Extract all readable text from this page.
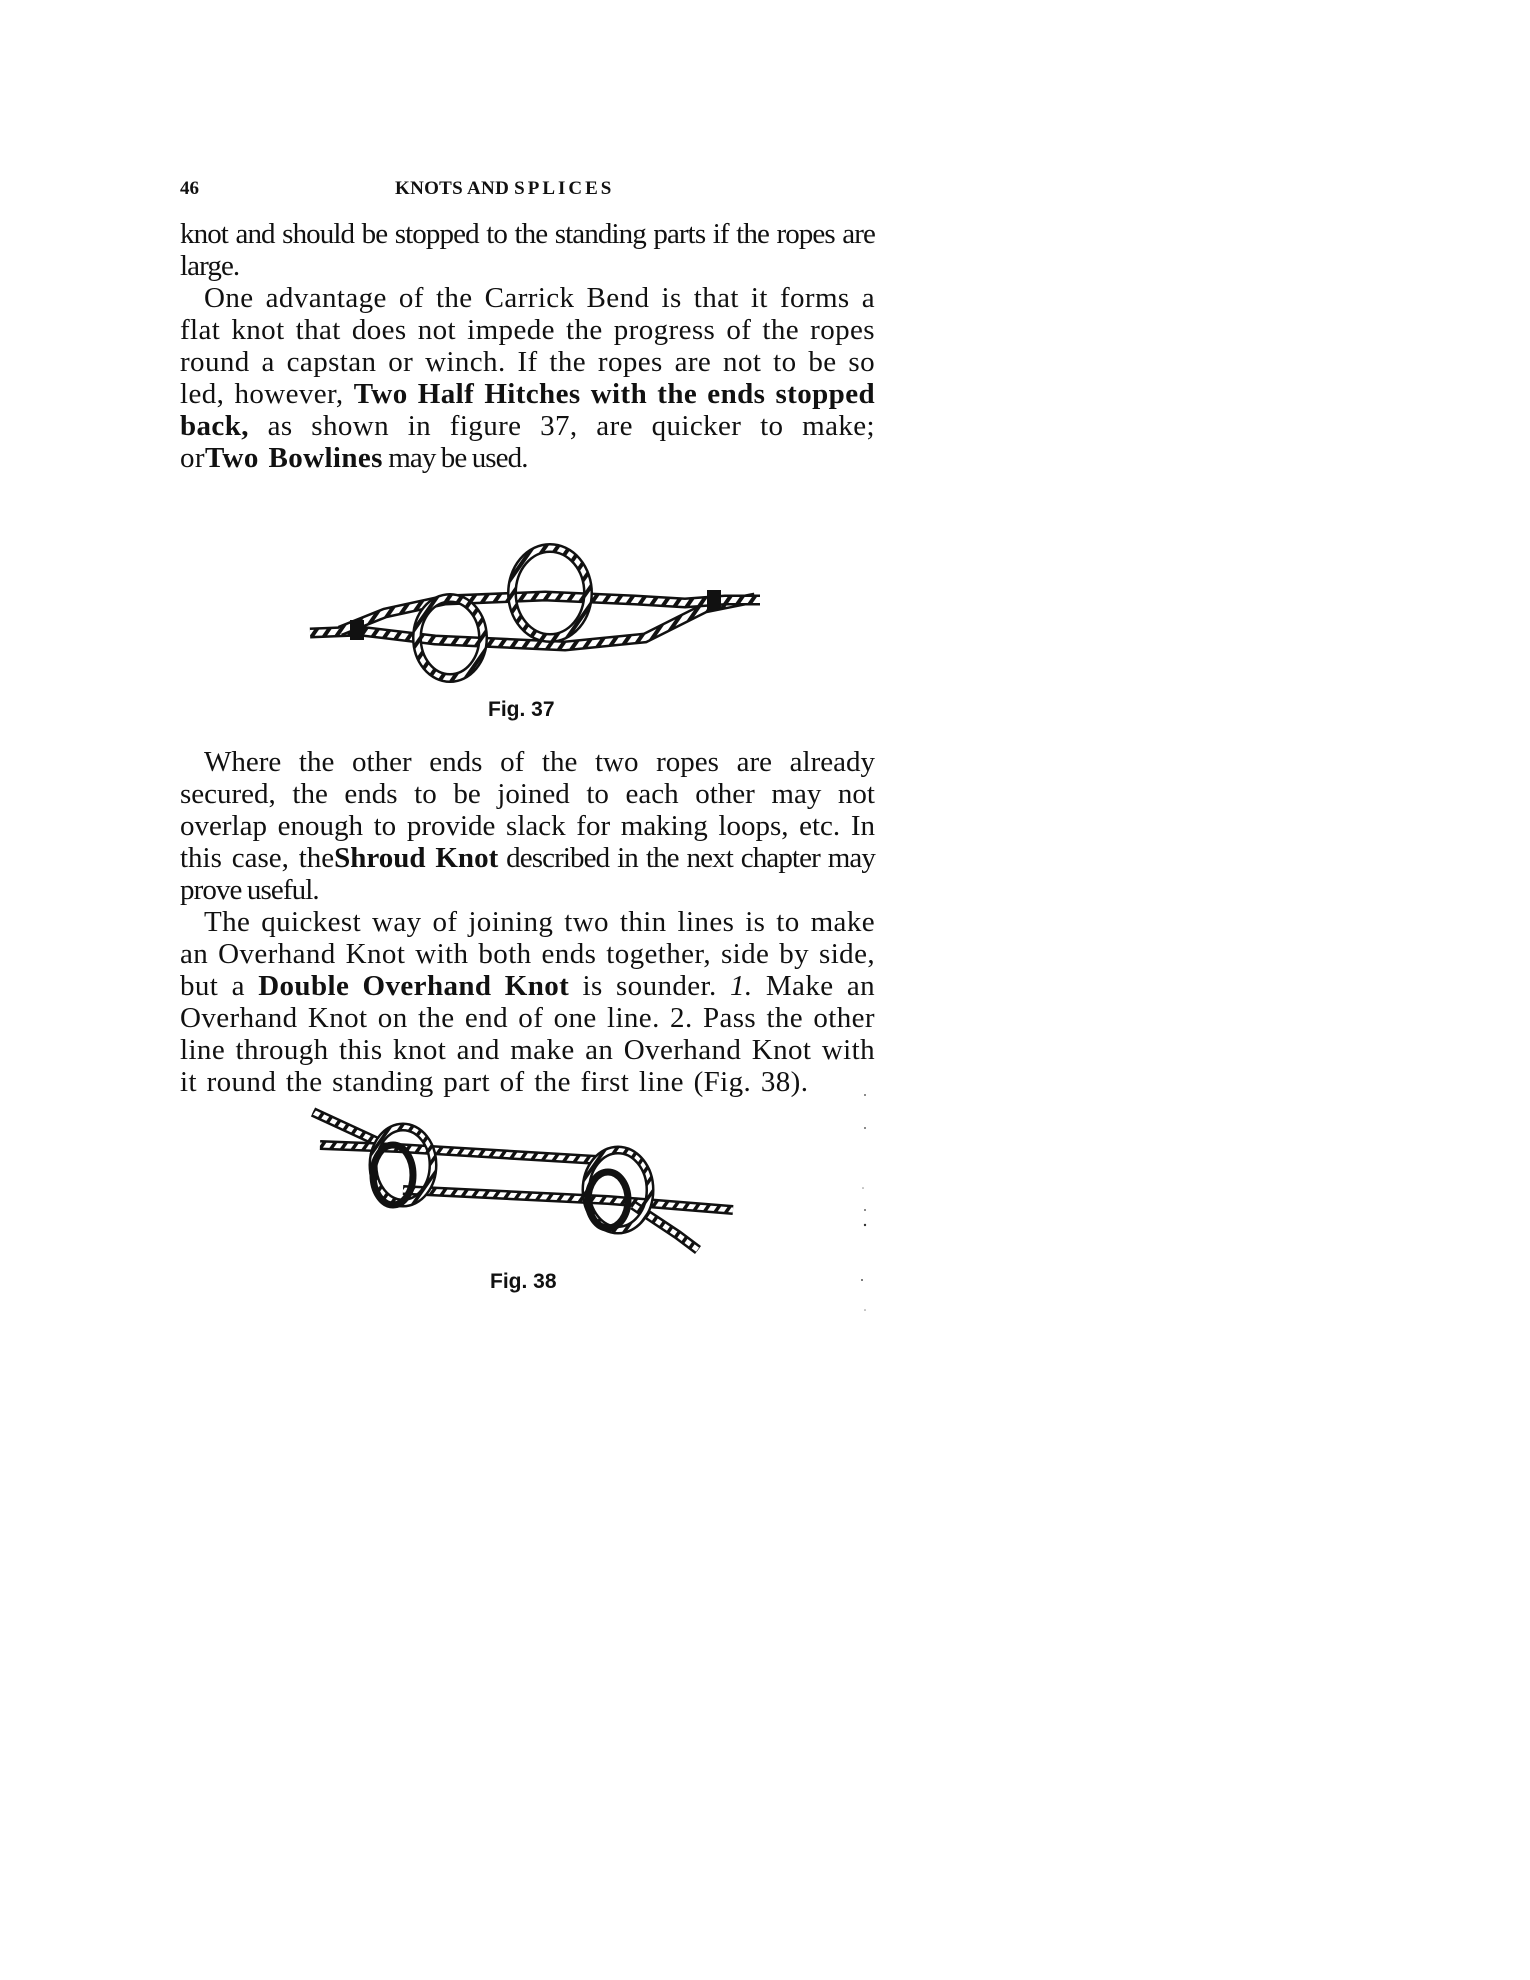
46	KNOTS AND SPLICES

knot and should be stopped to the standing parts if the ropes are large.

One advantage of the Carrick Bend is that it forms a flat knot that does not impede the progress of the ropes round a capstan or winch. If the ropes are not to be so led, however, Two Half Hitches with the ends stopped back, as shown in figure 37, are quicker to make; orTwo Bowlines may be used.

Fig. 37

Where the other ends of the two ropes are already secured, the ends to be joined to each other may not overlap enough to provide slack for making loops, etc. In this case, theShroud Knot described in the next chapter may prove useful.

The quickest way of joining two thin lines is to make an Overhand Knot with both ends together, side by side, but a Double Overhand Knot is sounder. 1. Make an Overhand Knot on the end of one line. 2. Pass the other line through this knot and make an Overhand Knot with it round the standing part of the first line (Fig. 38).

Fig. 38
